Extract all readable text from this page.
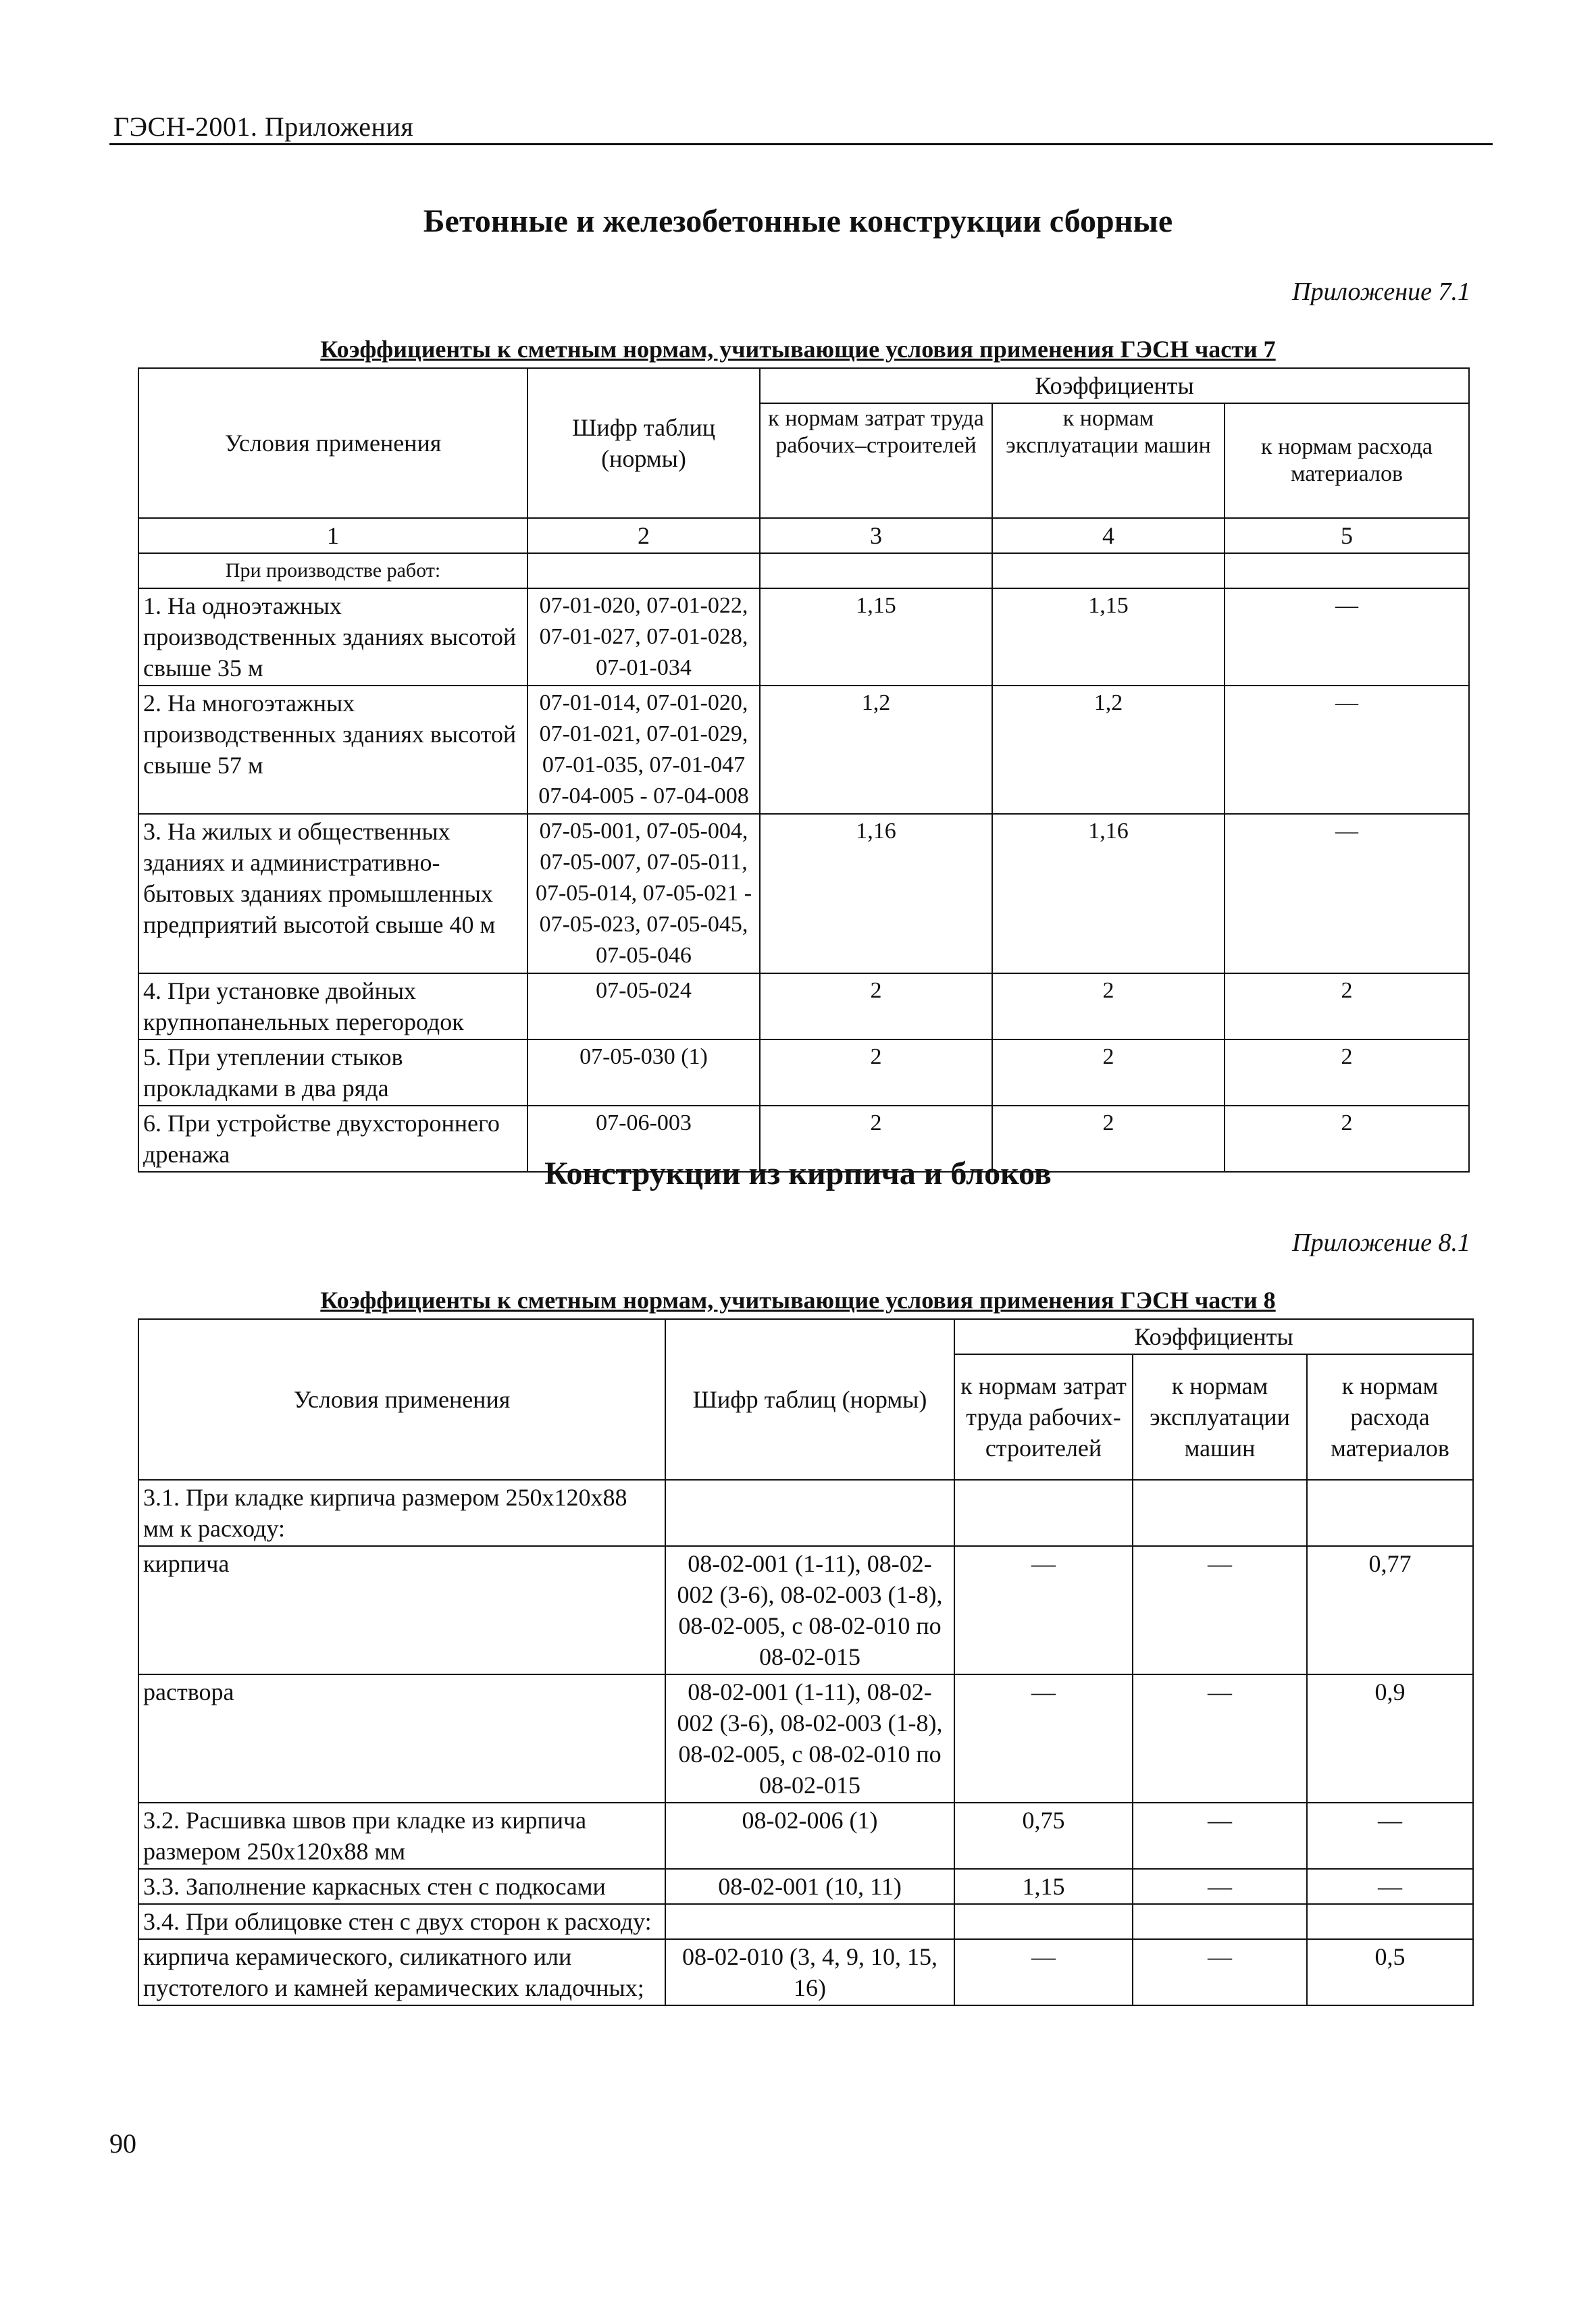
ГЭСН-2001. Приложения
Бетонные и железобетонные конструкции сборные
Приложение 7.1
Коэффициенты к сметным нормам, учитывающие условия применения ГЭСН части 7
Условия применения	Шифр таблиц (нормы)	Коэффициенты		
		к нормам затрат труда рабочих–строителей	к нормам эксплуатации машин	к нормам расхода материалов
1	2	3	4	5
При производстве работ:				
1. На одноэтажных производственных зданиях высотой свыше 35 м	07-01-020, 07-01-022, 07-01-027, 07-01-028, 07-01-034	1,15	1,15	—
2. На многоэтажных производственных зданиях высотой свыше 57 м	07-01-014, 07-01-020, 07-01-021, 07-01-029, 07-01-035, 07-01-047 07-04-005 - 07-04-008	1,2	1,2	—
3. На жилых и общественных зданиях и административно-бытовых зданиях промышленных предприятий высотой свыше 40 м	07-05-001, 07-05-004, 07-05-007, 07-05-011, 07-05-014, 07-05-021 - 07-05-023, 07-05-045, 07-05-046	1,16	1,16	—
4. При установке двойных крупнопанельных перегородок	07-05-024	2	2	2
5. При утеплении стыков прокладками в два ряда	07-05-030 (1)	2	2	2
6. При устройстве двухстороннего дренажа	07-06-003	2	2	2
Конструкции из кирпича и блоков
Приложение 8.1
Коэффициенты к сметным нормам, учитывающие условия применения ГЭСН части 8
Условия применения	Шифр таблиц (нормы)	Коэффициенты		
		к нормам затрат труда рабочих-строителей	к нормам эксплуатации машин	к нормам расхода материалов
3.1. При кладке кирпича размером 250x120x88 мм к расходу:				
кирпича	08-02-001 (1-11), 08-02-002 (3-6), 08-02-003 (1-8), 08-02-005, с 08-02-010 по 08-02-015	—	—	0,77
раствора	08-02-001 (1-11), 08-02-002 (3-6), 08-02-003 (1-8), 08-02-005, с 08-02-010 по 08-02-015	—	—	0,9
3.2. Расшивка швов при кладке из кирпича размером 250x120x88 мм	08-02-006 (1)	0,75	—	—
3.3. Заполнение каркасных стен с подкосами	08-02-001 (10, 11)	1,15	—	—
3.4. При облицовке стен с двух сторон к расходу:				
кирпича керамического, силикатного или пустотелого и камней керамических кладочных;	08-02-010 (3, 4, 9, 10, 15, 16)	—	—	0,5
90
